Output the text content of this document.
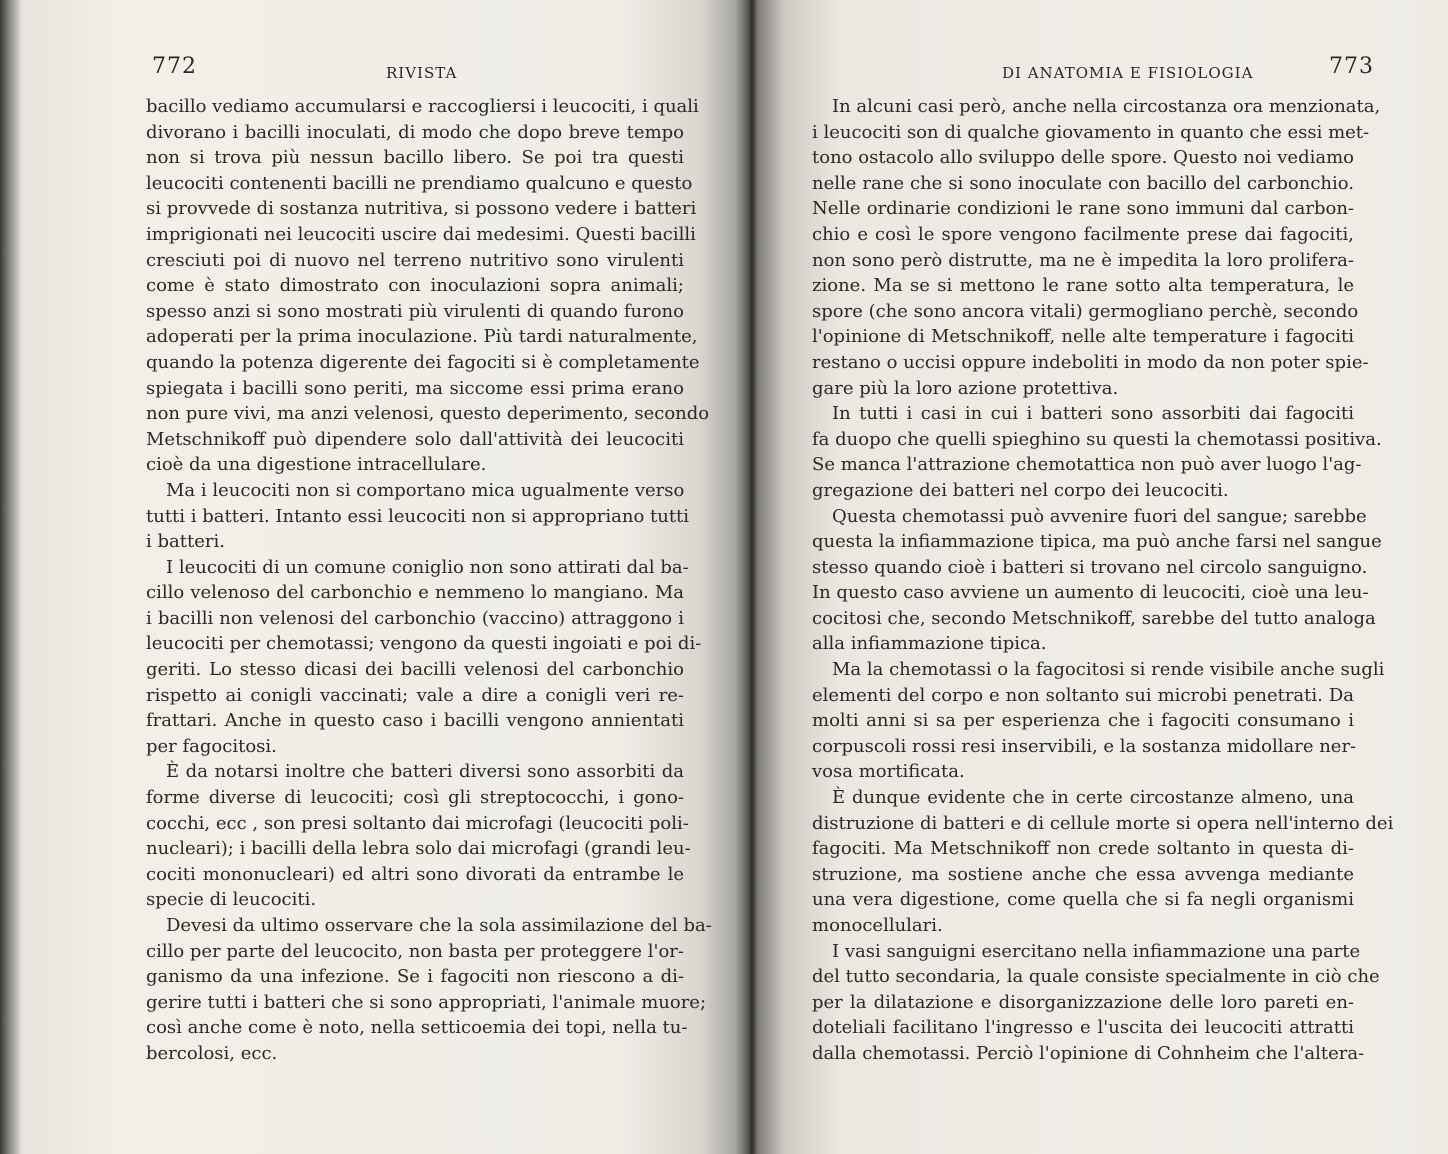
772	RIVISTA
bacillo vediamo accumularsi e raccogliersi i leucociti, i quali
divorano i bacilli inoculati, di modo che dopo breve tempo
non si trova più nessun bacillo libero. Se poi tra questi
leucociti contenenti bacilli ne prendiamo qualcuno e questo
si provvede di sostanza nutritiva, si possono vedere i batteri
imprigionati nei leucociti uscire dai medesimi. Questi bacilli
cresciuti poi di nuovo nel terreno nutritivo sono virulenti
come è stato dimostrato con inoculazioni sopra animali;
spesso anzi si sono mostrati più virulenti di quando furono
adoperati per la prima inoculazione. Più tardi naturalmente,
quando la potenza digerente dei fagociti si è completamente
spiegata i bacilli sono periti, ma siccome essi prima erano
non pure vivi, ma anzi velenosi, questo deperimento, secondo
Metschnikoff può dipendere solo dall'attività dei leucociti
cioè da una digestione intracellulare.
Ma i leucociti non si comportano mica ugualmente verso
tutti i batteri. Intanto essi leucociti non si appropriano tutti
i batteri.
I leucociti di un comune coniglio non sono attirati dal ba-
cillo velenoso del carbonchio e nemmeno lo mangiano. Ma
i bacilli non velenosi del carbonchio (vaccino) attraggono i
leucociti per chemotassi; vengono da questi ingoiati e poi di-
geriti. Lo stesso dicasi dei bacilli velenosi del carbonchio
rispetto ai conigli vaccinati; vale a dire a conigli veri re-
frattari. Anche in questo caso i bacilli vengono annientati
per fagocitosi.
È da notarsi inoltre che batteri diversi sono assorbiti da
forme diverse di leucociti; così gli streptococchi, i gono-
cocchi, ecc , son presi soltanto dai microfagi (leucociti poli-
nucleari); i bacilli della lebra solo dai microfagi (grandi leu-
cociti mononucleari) ed altri sono divorati da entrambe le
specie di leucociti.
Devesi da ultimo osservare che la sola assimilazione del ba-
cillo per parte del leucocito, non basta per proteggere l'or-
ganismo da una infezione. Se i fagociti non riescono a di-
gerire tutti i batteri che si sono appropriati, l'animale muore;
così anche come è noto, nella setticoemia dei topi, nella tu-
bercolosi, ecc.
DI ANATOMIA E FISIOLOGIA	773
In alcuni casi però, anche nella circostanza ora menzionata,
i leucociti son di qualche giovamento in quanto che essi met-
tono ostacolo allo sviluppo delle spore. Questo noi vediamo
nelle rane che si sono inoculate con bacillo del carbonchio.
Nelle ordinarie condizioni le rane sono immuni dal carbon-
chio e così le spore vengono facilmente prese dai fagociti,
non sono però distrutte, ma ne è impedita la loro prolifera-
zione. Ma se si mettono le rane sotto alta temperatura, le
spore (che sono ancora vitali) germogliano perchè, secondo
l'opinione di Metschnikoff, nelle alte temperature i fagociti
restano o uccisi oppure indeboliti in modo da non poter spie-
gare più la loro azione protettiva.
In tutti i casi in cui i batteri sono assorbiti dai fagociti
fa duopo che quelli spieghino su questi la chemotassi positiva.
Se manca l'attrazione chemotattica non può aver luogo l'ag-
gregazione dei batteri nel corpo dei leucociti.
Questa chemotassi può avvenire fuori del sangue; sarebbe
questa la infiammazione tipica, ma può anche farsi nel sangue
stesso quando cioè i batteri si trovano nel circolo sanguigno.
In questo caso avviene un aumento di leucociti, cioè una leu-
cocitosi che, secondo Metschnikoff, sarebbe del tutto analoga
alla infiammazione tipica.
Ma la chemotassi o la fagocitosi si rende visibile anche sugli
elementi del corpo e non soltanto sui microbi penetrati. Da
molti anni si sa per esperienza che i fagociti consumano i
corpuscoli rossi resi inservibili, e la sostanza midollare ner-
vosa mortificata.
È dunque evidente che in certe circostanze almeno, una
distruzione di batteri e di cellule morte si opera nell'interno dei
fagociti. Ma Metschnikoff non crede soltanto in questa di-
struzione, ma sostiene anche che essa avvenga mediante
una vera digestione, come quella che si fa negli organismi
monocellulari.
I vasi sanguigni esercitano nella infiammazione una parte
del tutto secondaria, la quale consiste specialmente in ciò che
per la dilatazione e disorganizzazione delle loro pareti en-
doteliali facilitano l'ingresso e l'uscita dei leucociti attratti
dalla chemotassi. Perciò l'opinione di Cohnheim che l'altera-
